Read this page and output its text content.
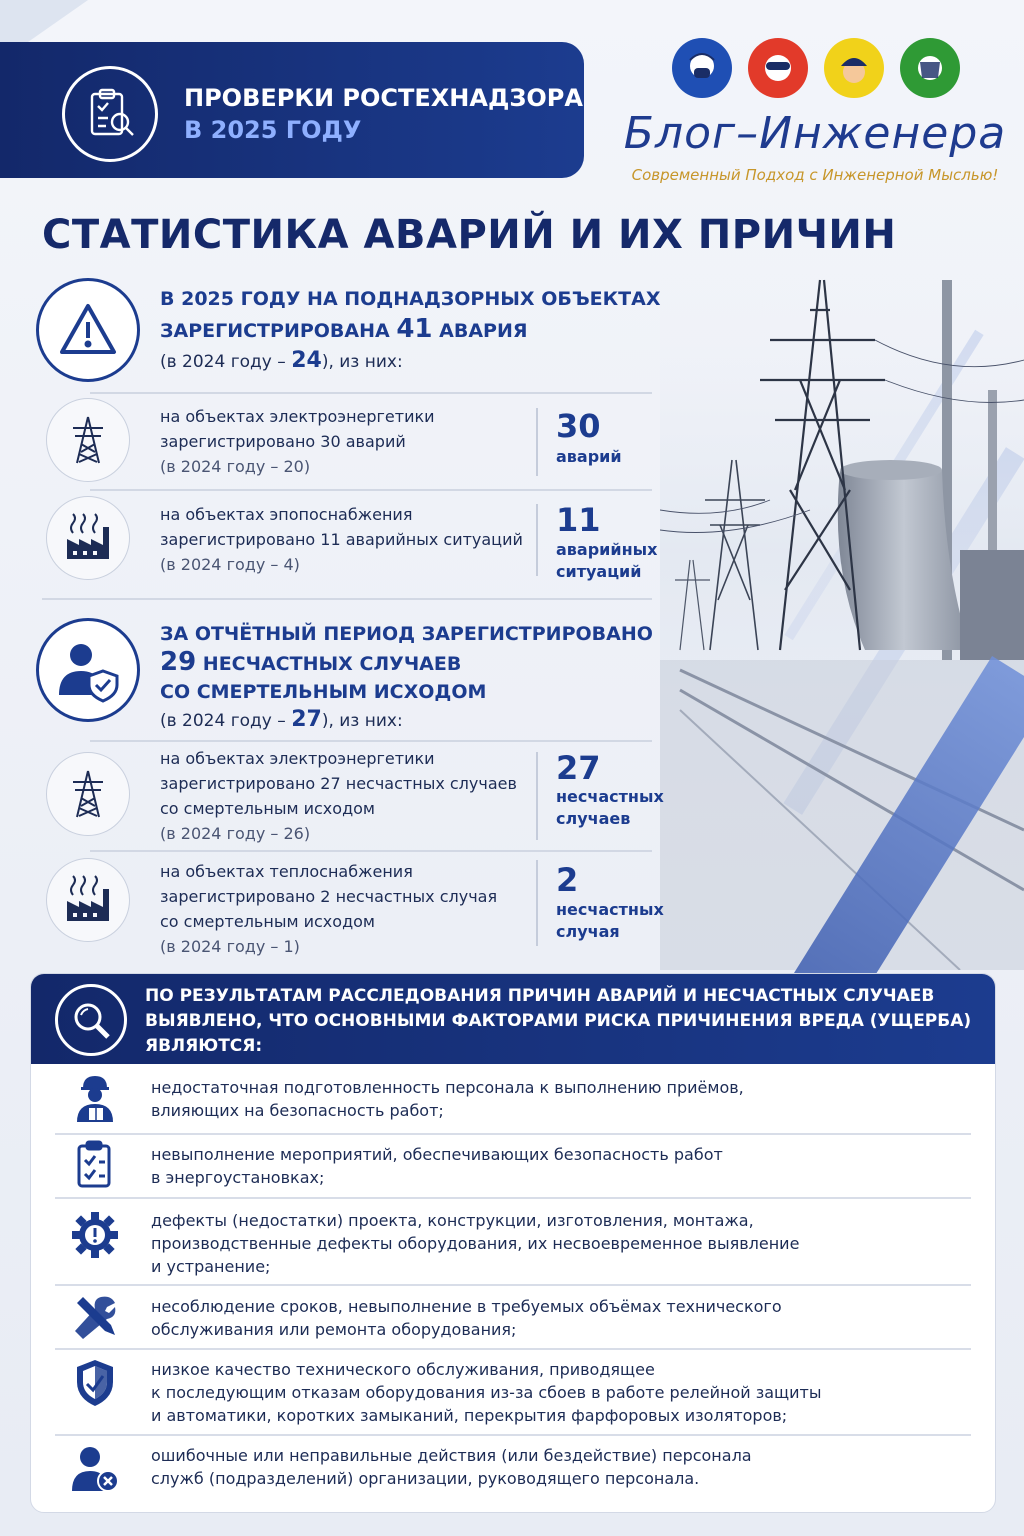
ПРОВЕРКИ РОСТЕХНАДЗОРА
В 2025 ГОДУ	Блог–Инженера
Современный Подход с Инженерной Мыслью!
СТАТИСТИКА АВАРИЙ И ИХ ПРИЧИН
В 2025 ГОДУ НА ПОДНАДЗОРНЫХ ОБЪЕКТАХ
ЗАРЕГИСТРИРОВАНА 41 АВАРИЯ
(в 2024 году – 24), из них:
на объектах электроэнергетики
зарегистрировано 30 аварий
(в 2024 году – 20)
30
аварий
на объектах эпопоснабжения
зарегистрировано 11 аварийных ситуаций
(в 2024 году – 4)
11
аварийных
ситуаций
ЗА ОТЧЁТНЫЙ ПЕРИОД ЗАРЕГИСТРИРОВАНО
29 НЕСЧАСТНЫХ СЛУЧАЕВ
СО СМЕРТЕЛЬНЫМ ИСХОДОМ
(в 2024 году – 27), из них:
на объектах электроэнергетики
зарегистрировано 27 несчастных случаев
со смертельным исходом
(в 2024 году – 26)
27
несчастных
случаев
на объектах теплоснабжения
зарегистрировано 2 несчастных случая
со смертельным исходом
(в 2024 году – 1)
2
несчастных
случая
ПО РЕЗУЛЬТАТАМ РАССЛЕДОВАНИЯ ПРИЧИН АВАРИЙ И НЕСЧАСТНЫХ СЛУЧАЕВ
ВЫЯВЛЕНО, ЧТО ОСНОВНЫМИ ФАКТОРАМИ РИСКА ПРИЧИНЕНИЯ ВРЕДА (УЩЕРБА)
ЯВЛЯЮТСЯ:
недостаточная подготовленность персонала к выполнению приёмов,
влияющих на безопасность работ;
невыполнение мероприятий, обеспечивающих безопасность работ
в энергоустановках;
дефекты (недостатки) проекта, конструкции, изготовления, монтажа,
производственные дефекты оборудования, их несвоевременное выявление
и устранение;
несоблюдение сроков, невыполнение в требуемых объёмах технического
обслуживания или ремонта оборудования;
низкое качество технического обслуживания, приводящее
к последующим отказам оборудования из-за сбоев в работе релейной защиты
и автоматики, коротких замыканий, перекрытия фарфоровых изоляторов;
ошибочные или неправильные действия (или бездействие) персонала
служб (подразделений) организации, руководящего персонала.
